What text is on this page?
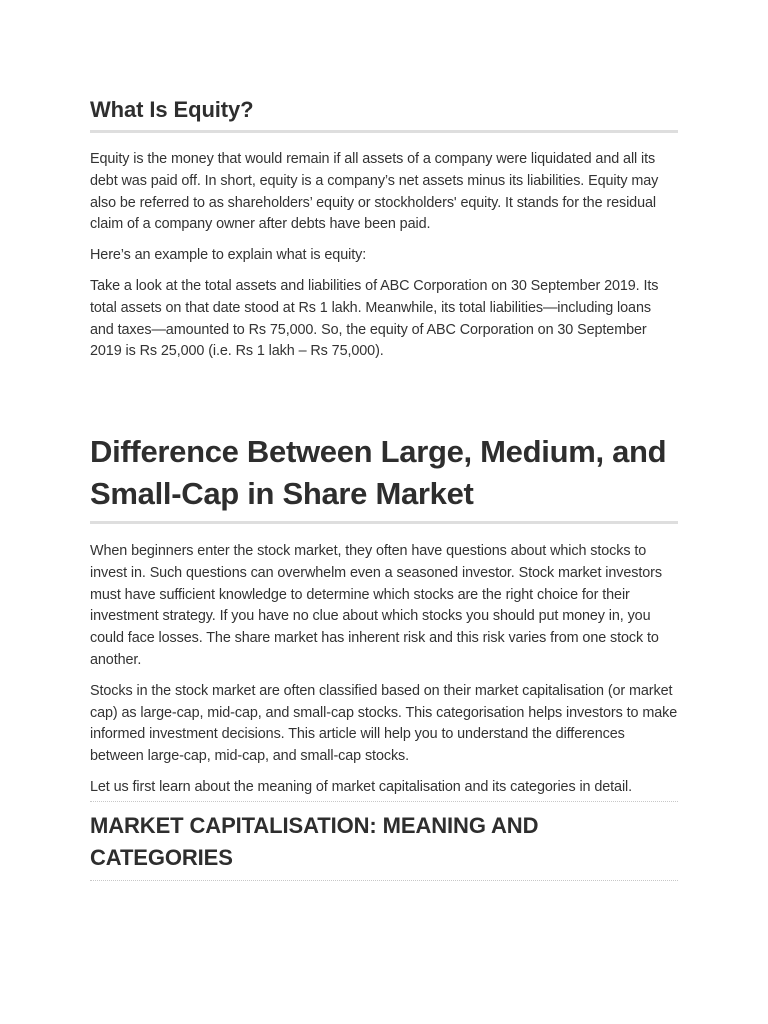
What Is Equity?

Equity is the money that would remain if all assets of a company were liquidated and all its debt was paid off. In short, equity is a company’s net assets minus its liabilities. Equity may also be referred to as shareholders’ equity or stockholders' equity. It stands for the residual claim of a company owner after debts have been paid.

Here’s an example to explain what is equity:

Take a look at the total assets and liabilities of ABC Corporation on 30 September 2019. Its total assets on that date stood at Rs 1 lakh. Meanwhile, its total liabilities—including loans and taxes—amounted to Rs 75,000. So, the equity of ABC Corporation on 30 September 2019 is Rs 25,000 (i.e. Rs 1 lakh – Rs 75,000).

Difference Between Large, Medium, and Small-Cap in Share Market

When beginners enter the stock market, they often have questions about which stocks to invest in. Such questions can overwhelm even a seasoned investor. Stock market investors must have sufficient knowledge to determine which stocks are the right choice for their investment strategy. If you have no clue about which stocks you should put money in, you could face losses. The share market has inherent risk and this risk varies from one stock to another.

Stocks in the stock market are often classified based on their market capitalisation (or market cap) as large-cap, mid-cap, and small-cap stocks. This categorisation helps investors to make informed investment decisions. This article will help you to understand the differences between large-cap, mid-cap, and small-cap stocks.

Let us first learn about the meaning of market capitalisation and its categories in detail.

MARKET CAPITALISATION: MEANING AND CATEGORIES
